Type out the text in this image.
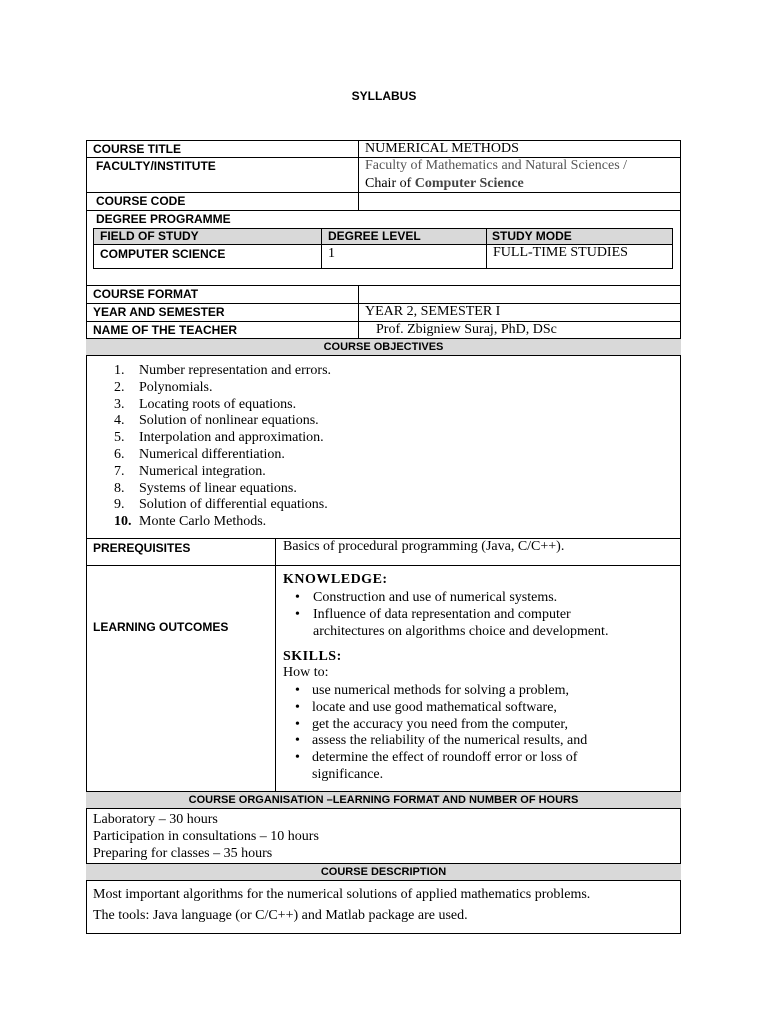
SYLLABUS
COURSE TITLE	NUMERICAL METHODS
FACULTY/INSTITUTE	Faculty of Mathematics and Natural Sciences /
Chair of Computer Science
COURSE CODE
DEGREE PROGRAMME
FIELD OF STUDY	DEGREE LEVEL	STUDY MODE
COMPUTER SCIENCE	1	FULL-TIME STUDIES
COURSE FORMAT
YEAR AND SEMESTER	YEAR 2, SEMESTER I
NAME OF THE TEACHER	Prof. Zbigniew Suraj, PhD, DSc
COURSE OBJECTIVES
1. Number representation and errors.
2. Polynomials.
3. Locating roots of equations.
4. Solution of nonlinear equations.
5. Interpolation and approximation.
6. Numerical differentiation.
7. Numerical integration.
8. Systems of linear equations.
9. Solution of differential equations.
10. Monte Carlo Methods.
PREREQUISITES	Basics of procedural programming (Java, C/C++).
LEARNING OUTCOMES
KNOWLEDGE:
• Construction and use of numerical systems.
• Influence of data representation and computer
architectures on algorithms choice and development.
SKILLS:
How to:
• use numerical methods for solving a problem,
• locate and use good mathematical software,
• get the accuracy you need from the computer,
• assess the reliability of the numerical results, and
• determine the effect of roundoff error or loss of
significance.
COURSE ORGANISATION –LEARNING FORMAT AND NUMBER OF HOURS
Laboratory – 30 hours
Participation in consultations – 10 hours
Preparing for classes – 35 hours
COURSE DESCRIPTION
Most important algorithms for the numerical solutions of applied mathematics problems.
The tools: Java language (or C/C++) and Matlab package are used.
